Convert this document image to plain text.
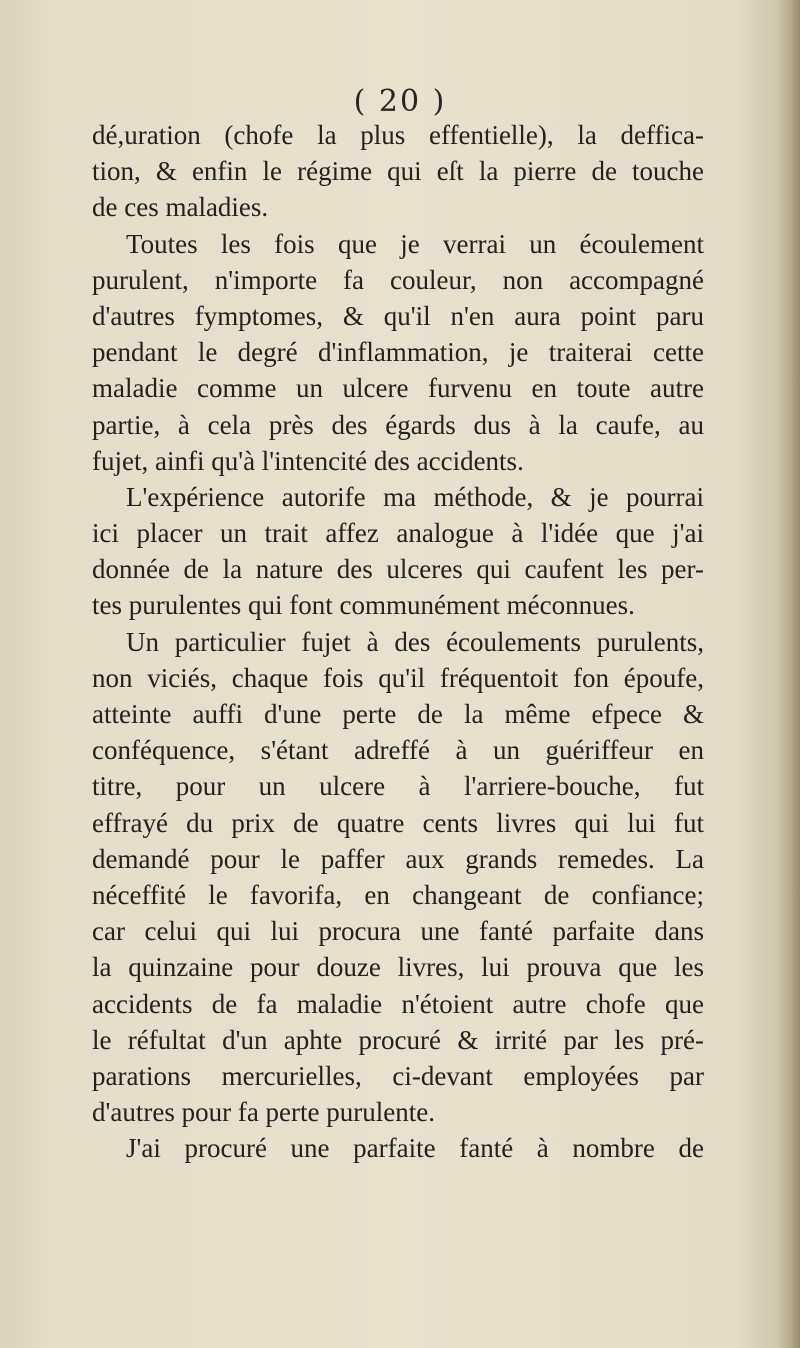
( 20 )
dé,uration (chofe la plus effentielle), la deffica-
tion, & enfin le régime qui eſt la pierre de touche
de ces maladies.
Toutes les fois que je verrai un écoulement
purulent, n'importe fa couleur, non accompagné
d'autres fymptomes, & qu'il n'en aura point paru
pendant le degré d'inflammation, je traiterai cette
maladie comme un ulcere furvenu en toute autre
partie, à cela près des égards dus à la caufe, au
fujet, ainfi qu'à l'intencité des accidents.
L'expérience autorife ma méthode, & je pourrai
ici placer un trait affez analogue à l'idée que j'ai
donnée de la nature des ulceres qui caufent les per-
tes purulentes qui font communément méconnues.
Un particulier fujet à des écoulements purulents,
non viciés, chaque fois qu'il fréquentoit fon époufe,
atteinte auffi d'une perte de la même efpece &
conféquence, s'étant adreffé à un guériffeur en
titre, pour un ulcere à l'arriere-bouche, fut
effrayé du prix de quatre cents livres qui lui fut
demandé pour le paffer aux grands remedes. La
néceffité le favorifa, en changeant de confiance;
car celui qui lui procura une fanté parfaite dans
la quinzaine pour douze livres, lui prouva que les
accidents de fa maladie n'étoient autre chofe que
le réfultat d'un aphte procuré & irrité par les pré-
parations mercurielles, ci-devant employées par
d'autres pour fa perte purulente.
J'ai procuré une parfaite fanté à nombre de
